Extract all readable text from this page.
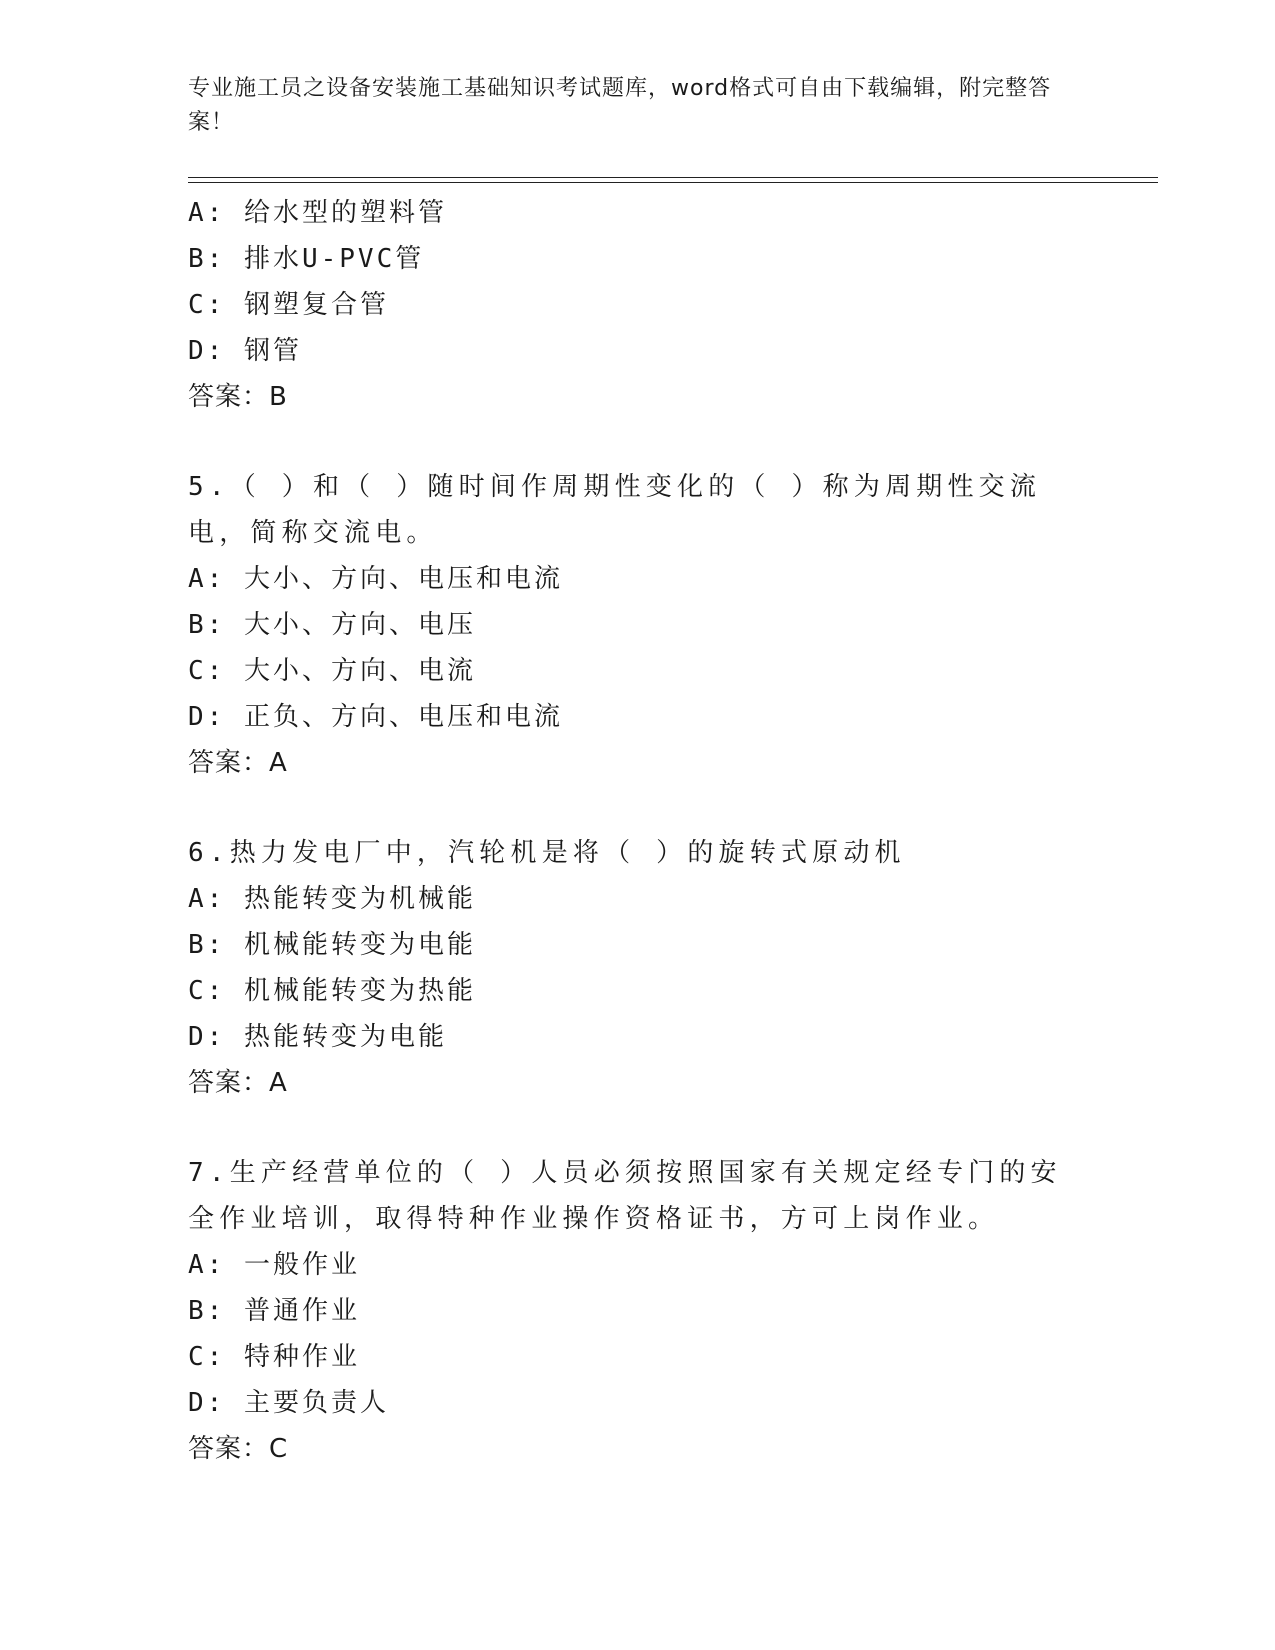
专业施工员之设备安装施工基础知识考试题库，word格式可自由下载编辑，附完整答案！
A: 给水型的塑料管
B: 排水U-PVC管
C: 钢塑复合管
D: 钢管
答案：B
5.（ ）和（ ）随时间作周期性变化的（ ）称为周期性交流电，简称交流电。
A: 大小、方向、电压和电流
B: 大小、方向、电压
C: 大小、方向、电流
D: 正负、方向、电压和电流
答案：A
6.热力发电厂中，汽轮机是将（ ）的旋转式原动机
A: 热能转变为机械能
B: 机械能转变为电能
C: 机械能转变为热能
D: 热能转变为电能
答案：A
7.生产经营单位的（ ）人员必须按照国家有关规定经专门的安全作业培训，取得特种作业操作资格证书，方可上岗作业。
A: 一般作业
B: 普通作业
C: 特种作业
D: 主要负责人
答案：C
